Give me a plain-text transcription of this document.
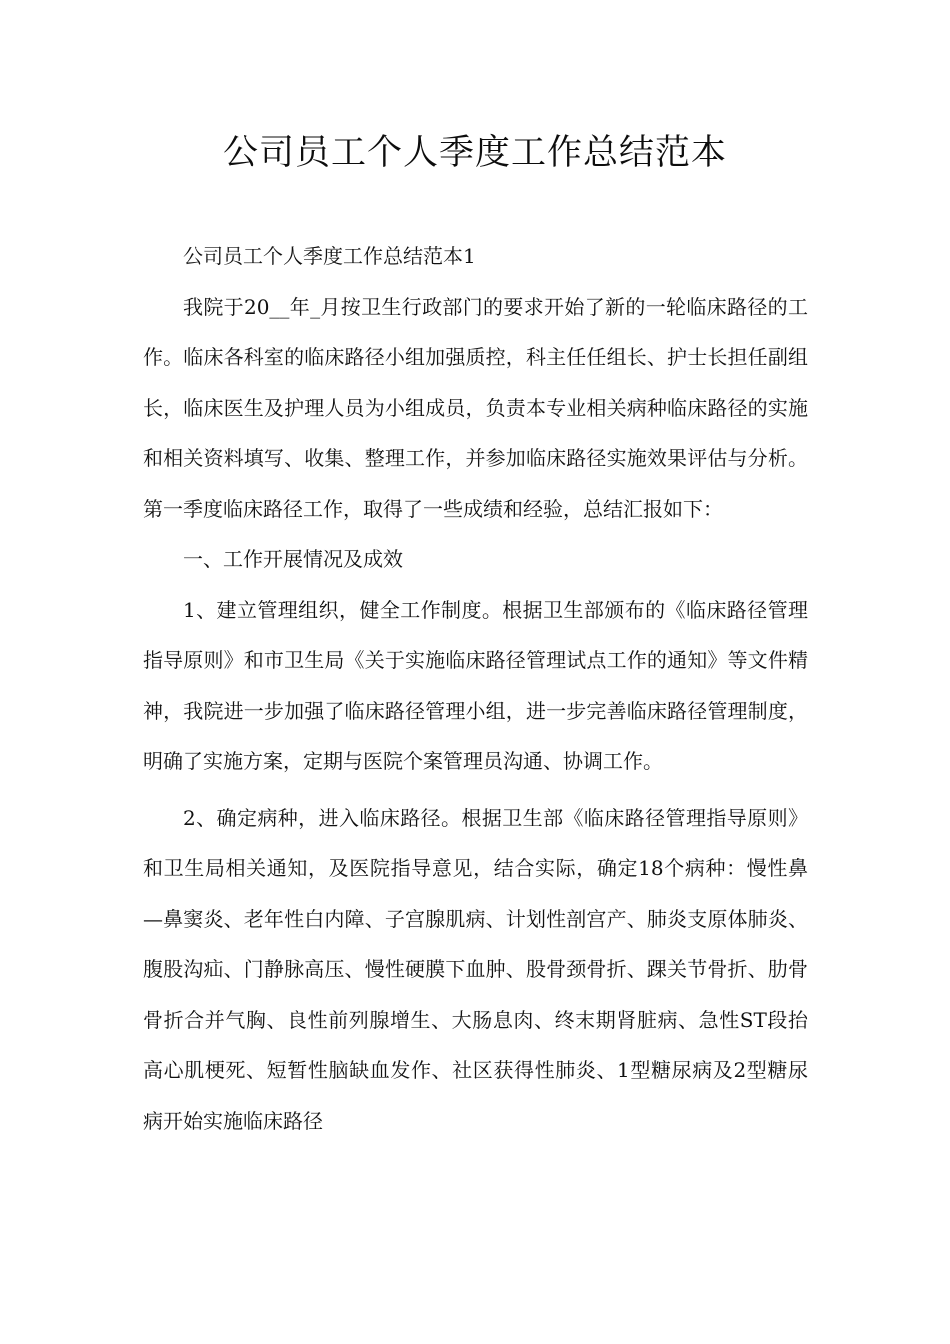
公司员工个人季度工作总结范本

公司员工个人季度工作总结范本1

我院于20__年_月按卫生行政部门的要求开始了新的一轮临床路径的工作。临床各科室的临床路径小组加强质控，科主任任组长、护士长担任副组长，临床医生及护理人员为小组成员，负责本专业相关病种临床路径的实施和相关资料填写、收集、整理工作，并参加临床路径实施效果评估与分析。第一季度临床路径工作，取得了一些成绩和经验，总结汇报如下：

一、工作开展情况及成效

1、建立管理组织，健全工作制度。根据卫生部颁布的《临床路径管理指导原则》和市卫生局《关于实施临床路径管理试点工作的通知》等文件精神，我院进一步加强了临床路径管理小组，进一步完善临床路径管理制度，明确了实施方案，定期与医院个案管理员沟通、协调工作。

2、确定病种，进入临床路径。根据卫生部《临床路径管理指导原则》和卫生局相关通知，及医院指导意见，结合实际，确定18个病种：慢性鼻—鼻窦炎、老年性白内障、子宫腺肌病、计划性剖宫产、肺炎支原体肺炎、腹股沟疝、门静脉高压、慢性硬膜下血肿、股骨颈骨折、踝关节骨折、肋骨骨折合并气胸、良性前列腺增生、大肠息肉、终末期肾脏病、急性ST段抬高心肌梗死、短暂性脑缺血发作、社区获得性肺炎、1型糖尿病及2型糖尿病开始实施临床路径
